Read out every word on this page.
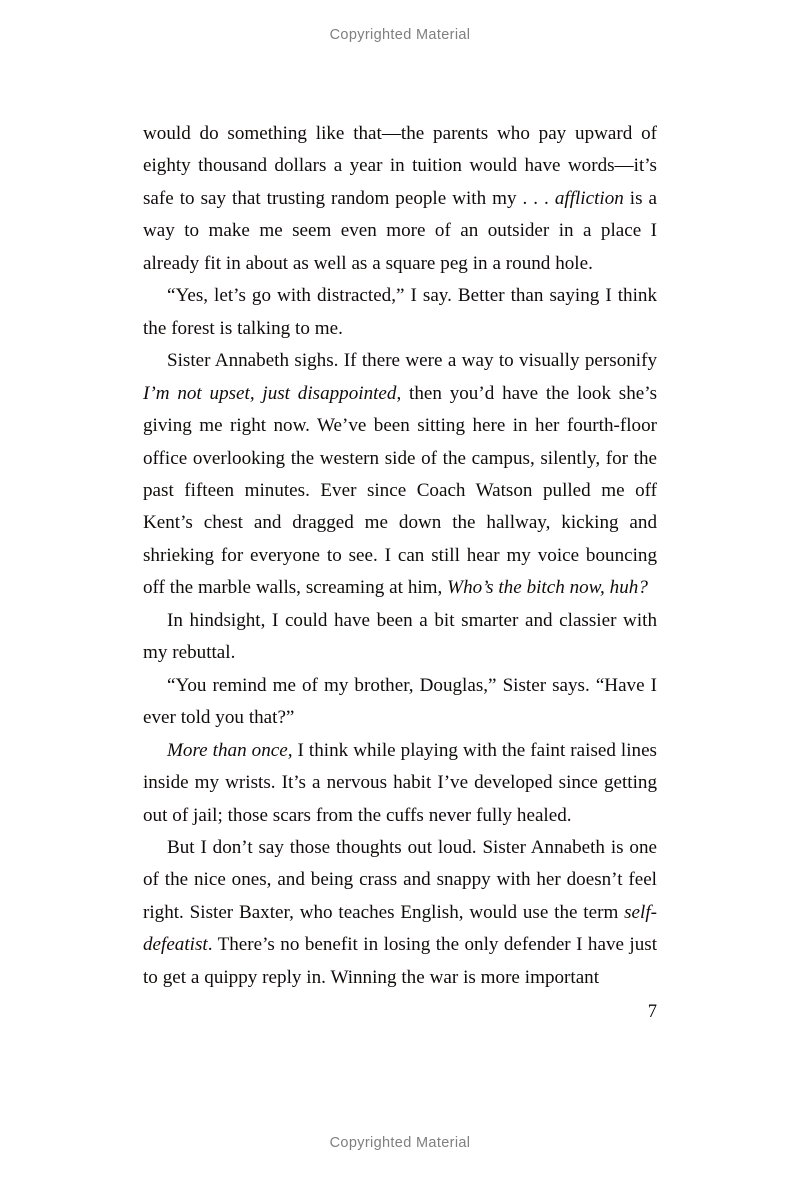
Copyrighted Material

would do something like that—the parents who pay upward of eighty thousand dollars a year in tuition would have words—it’s safe to say that trusting random people with my . . . affliction is a way to make me seem even more of an outsider in a place I already fit in about as well as a square peg in a round hole.

“Yes, let’s go with distracted,” I say. Better than saying I think the forest is talking to me.

Sister Annabeth sighs. If there were a way to visually personify I’m not upset, just disappointed, then you’d have the look she’s giving me right now. We’ve been sitting here in her fourth-floor office overlooking the western side of the campus, silently, for the past fifteen minutes. Ever since Coach Watson pulled me off Kent’s chest and dragged me down the hallway, kicking and shrieking for everyone to see. I can still hear my voice bouncing off the marble walls, screaming at him, Who’s the bitch now, huh?

In hindsight, I could have been a bit smarter and classier with my rebuttal.

“You remind me of my brother, Douglas,” Sister says. “Have I ever told you that?”

More than once, I think while playing with the faint raised lines inside my wrists. It’s a nervous habit I’ve developed since getting out of jail; those scars from the cuffs never fully healed.

But I don’t say those thoughts out loud. Sister Annabeth is one of the nice ones, and being crass and snappy with her doesn’t feel right. Sister Baxter, who teaches English, would use the term self-defeatist. There’s no benefit in losing the only defender I have just to get a quippy reply in. Winning the war is more important

7
Copyrighted Material
